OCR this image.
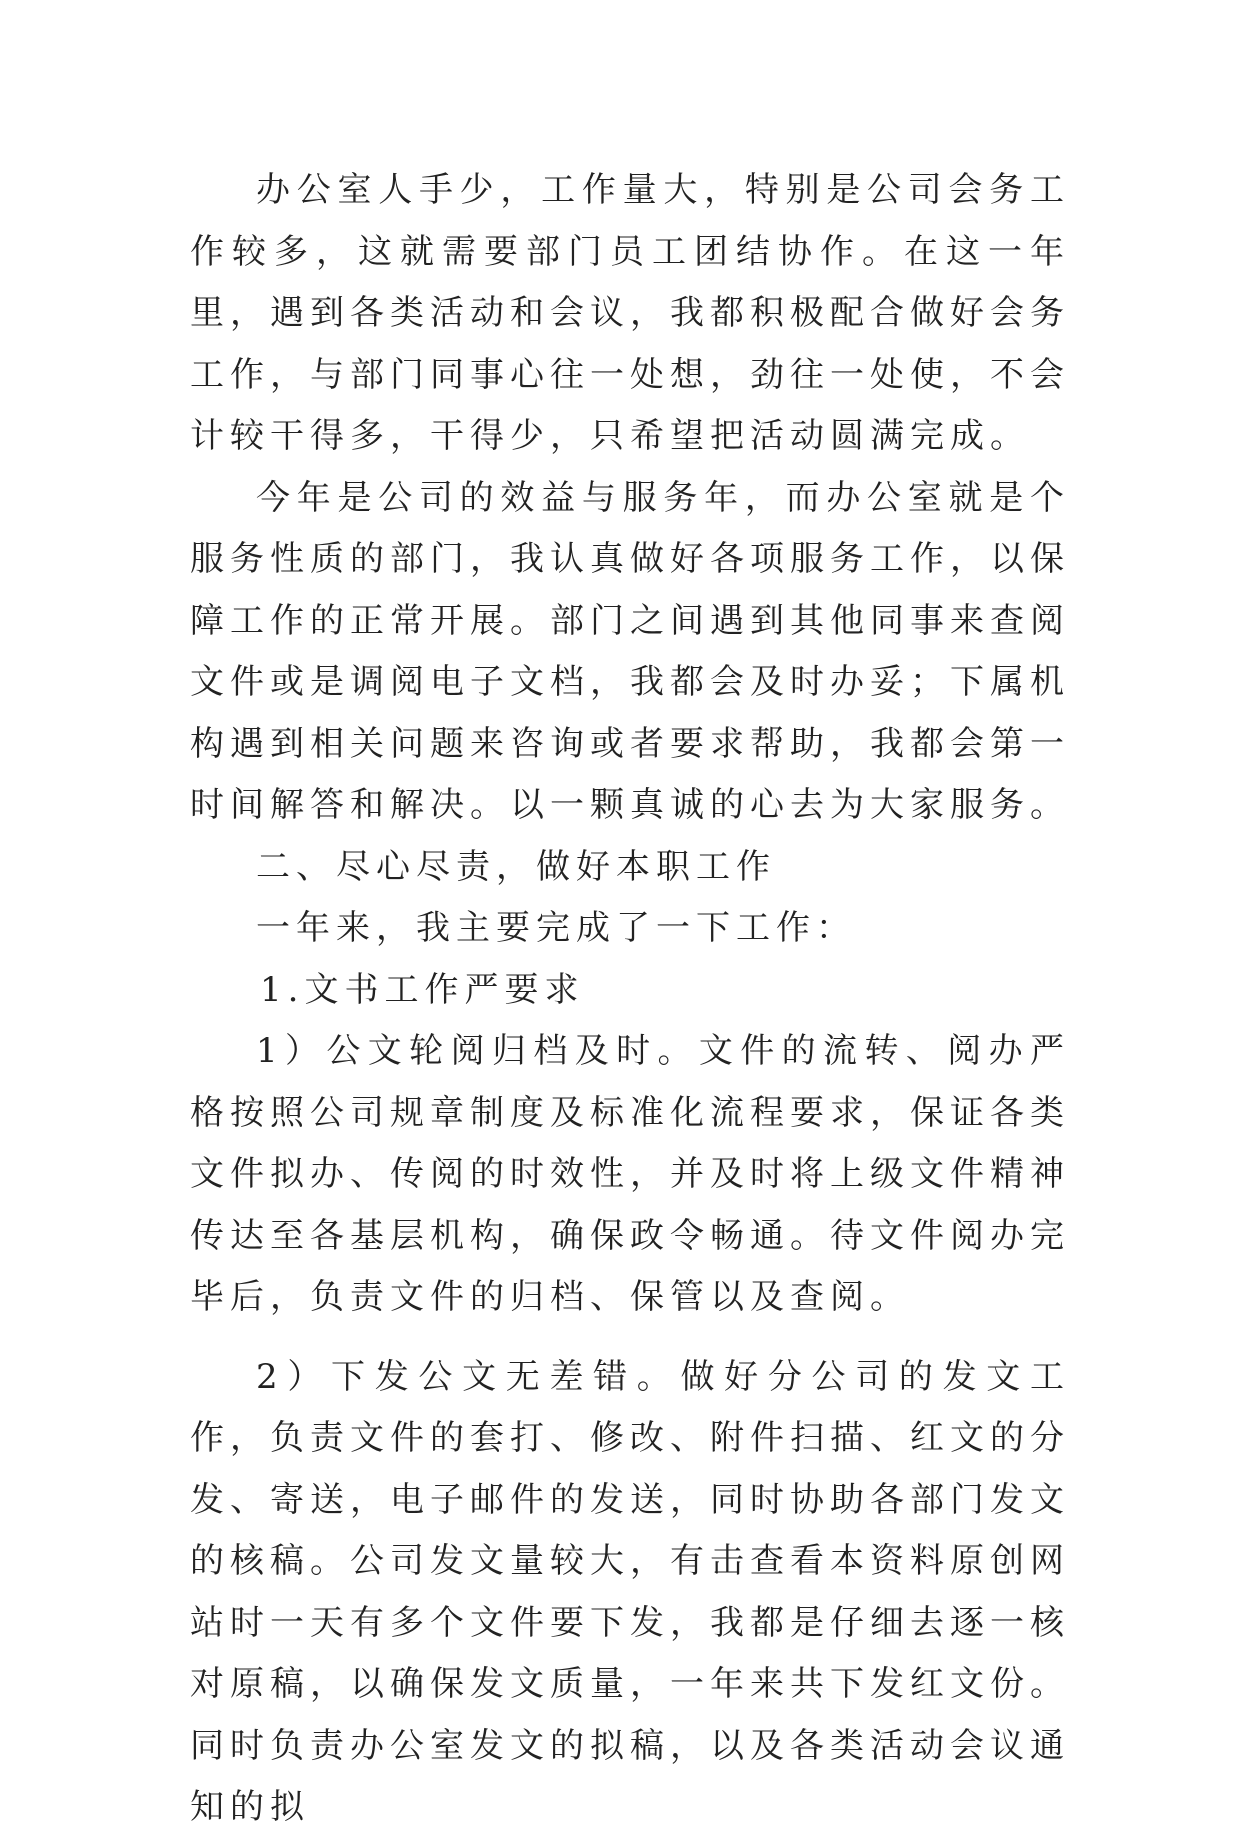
办公室人手少，工作量大，特别是公司会务工作较多，这就需要部门员工团结协作。在这一年里，遇到各类活动和会议，我都积极配合做好会务工作，与部门同事心往一处想，劲往一处使，不会计较干得多，干得少，只希望把活动圆满完成。

今年是公司的效益与服务年，而办公室就是个服务性质的部门，我认真做好各项服务工作，以保障工作的正常开展。部门之间遇到其他同事来查阅文件或是调阅电子文档，我都会及时办妥；下属机构遇到相关问题来咨询或者要求帮助，我都会第一时间解答和解决。以一颗真诚的心去为大家服务。

二、尽心尽责，做好本职工作

一年来，我主要完成了一下工作：

1.文书工作严要求

1）公文轮阅归档及时。文件的流转、阅办严格按照公司规章制度及标准化流程要求，保证各类文件拟办、传阅的时效性，并及时将上级文件精神传达至各基层机构，确保政令畅通。待文件阅办完毕后，负责文件的归档、保管以及查阅。

2）下发公文无差错。做好分公司的发文工作，负责文件的套打、修改、附件扫描、红文的分发、寄送，电子邮件的发送，同时协助各部门发文的核稿。公司发文量较大，有击查看本资料原创网站时一天有多个文件要下发，我都是仔细去逐一核对原稿，以确保发文质量，一年来共下发红文份。同时负责办公室发文的拟稿，以及各类活动会议通知的拟
